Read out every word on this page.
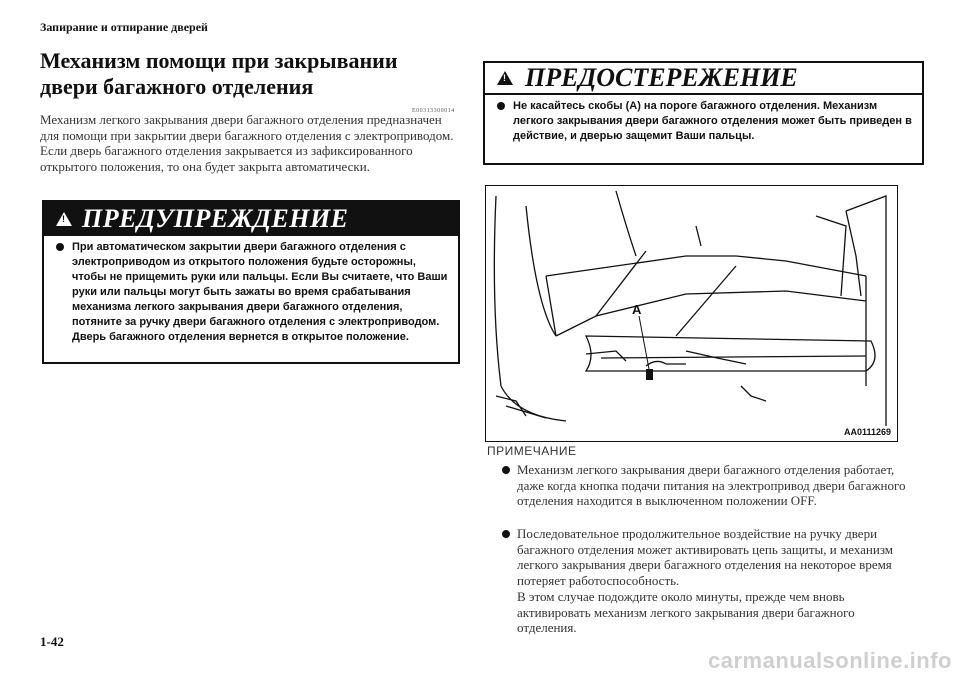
Запирание и отпирание дверей
Механизм помощи при закрывании двери багажного отделения
E00313300014

Механизм легкого закрывания двери багажного отделения предназначен для помощи при закрытии двери багажного отделения с электроприводом.

Если дверь багажного отделения закрывается из зафиксированного открытого положения, то она будет закрыта автоматически.

!
ПРЕДУПРЕЖДЕНИЕ
При автоматическом закрытии двери багажного отделения с электроприводом из открытого положения будьте осторожны, чтобы не прищемить руки или пальцы. Если Вы считаете, что Ваши руки или пальцы могут быть зажаты во время срабатывания механизма легкого закрывания двери багажного отделения, потяните за ручку двери багажного отделения с электроприводом. Дверь багажного отделения вернется в открытое положение.
!
ПРЕДОСТЕРЕЖЕНИЕ
Не касайтесь скобы (A) на пороге багажного отделения. Механизм легкого закрывания двери багажного отделения может быть приведен в действие, и дверью защемит Ваши пальцы.
A
AA0111269
ПРИМЕЧАНИЕ
Механизм легкого закрывания двери багажного отделения работает, даже когда кнопка подачи питания на электропривод двери багажного отделения находится в выключенном положении OFF.
Последовательное продолжительное воздействие на ручку двери багажного отделения может активировать цепь защиты, и механизм легкого закрывания двери багажного отделения на некоторое время потеряет работоспособность.
В этом случае подождите около минуты, прежде чем вновь активировать механизм легкого закрывания двери багажного отделения.
1-42
carmanualsonline.info
